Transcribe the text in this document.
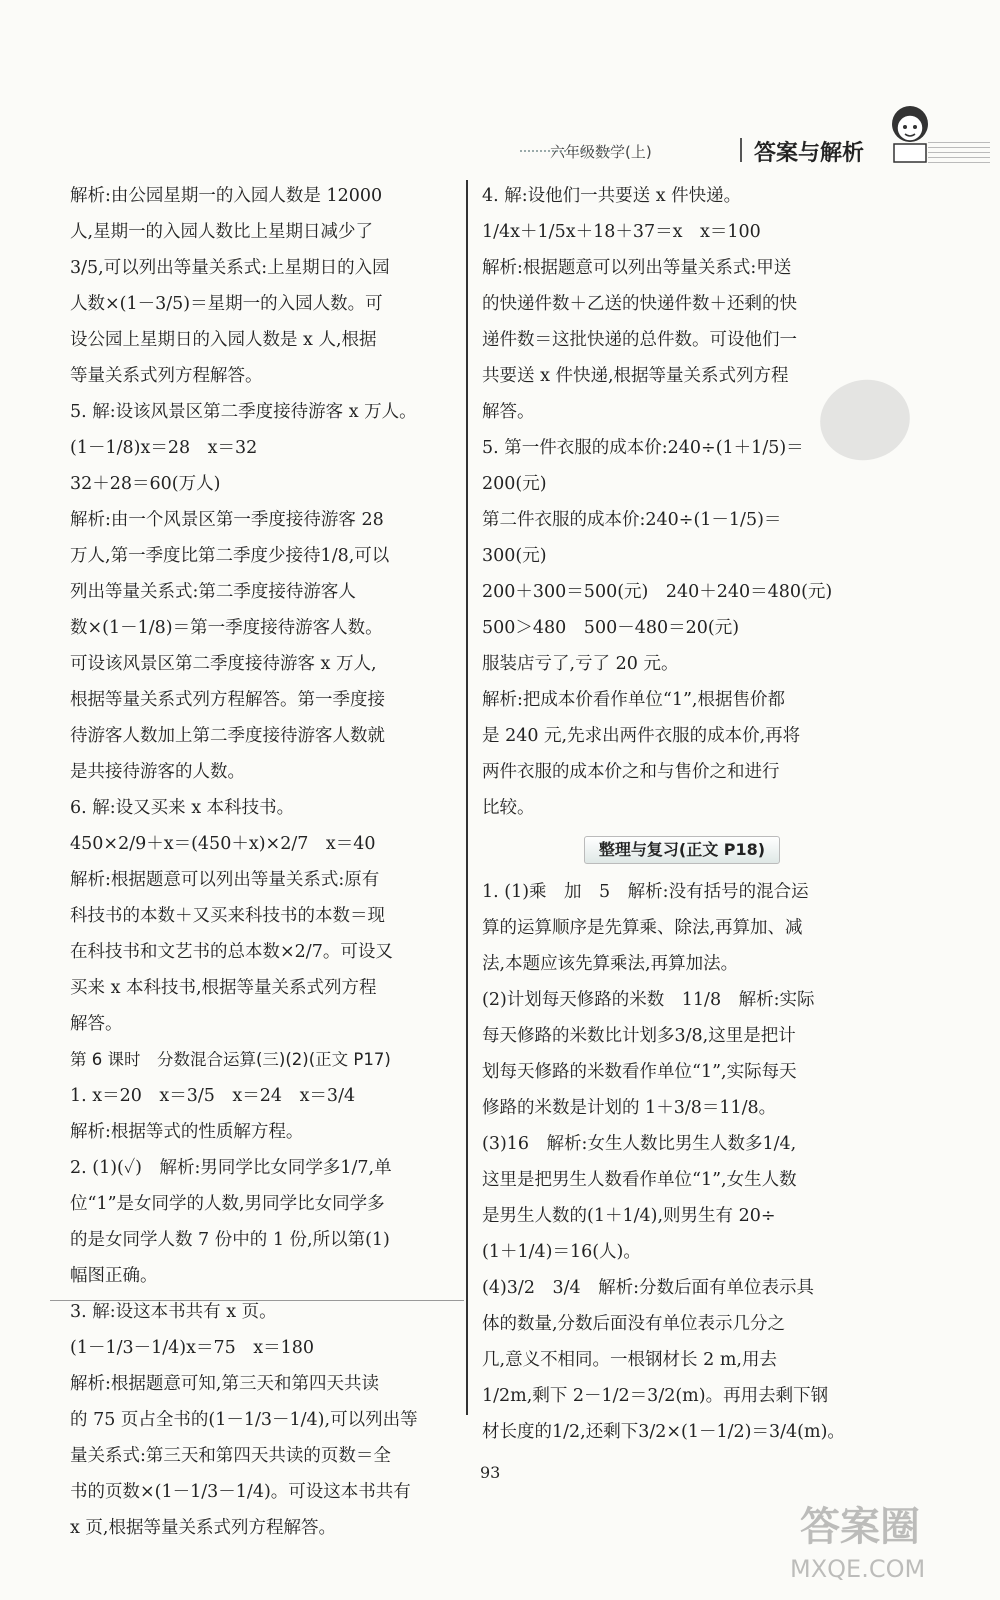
六年级数学(上)	答案与解析
解析:由公园星期一的入园人数是 12000
人,星期一的入园人数比上星期日减少了
3/5,可以列出等量关系式:上星期日的入园
人数×(1－3/5)＝星期一的入园人数。可
设公园上星期日的入园人数是 x 人,根据
等量关系式列方程解答。
5. 解:设该风景区第二季度接待游客 x 万人。
(1－1/8)x＝28　x＝32
32＋28＝60(万人)
解析:由一个风景区第一季度接待游客 28
万人,第一季度比第二季度少接待1/8,可以
列出等量关系式:第二季度接待游客人
数×(1－1/8)＝第一季度接待游客人数。
可设该风景区第二季度接待游客 x 万人,
根据等量关系式列方程解答。第一季度接
待游客人数加上第二季度接待游客人数就
是共接待游客的人数。
6. 解:设又买来 x 本科技书。
450×2/9＋x＝(450＋x)×2/7　x＝40
解析:根据题意可以列出等量关系式:原有
科技书的本数＋又买来科技书的本数＝现
在科技书和文艺书的总本数×2/7。可设又
买来 x 本科技书,根据等量关系式列方程
解答。
第 6 课时　分数混合运算(三)(2)(正文 P17)
1. x＝20　x＝3/5　x＝24　x＝3/4
解析:根据等式的性质解方程。
2. (1)(✓)　解析:男同学比女同学多1/7,单
位“1”是女同学的人数,男同学比女同学多
的是女同学人数 7 份中的 1 份,所以第(1)
幅图正确。
3. 解:设这本书共有 x 页。
(1－1/3－1/4)x＝75　x＝180
解析:根据题意可知,第三天和第四天共读
的 75 页占全书的(1－1/3－1/4),可以列出等
量关系式:第三天和第四天共读的页数＝全
书的页数×(1－1/3－1/4)。可设这本书共有
x 页,根据等量关系式列方程解答。
4. 解:设他们一共要送 x 件快递。
1/4x＋1/5x＋18＋37＝x　x＝100
解析:根据题意可以列出等量关系式:甲送
的快递件数＋乙送的快递件数＋还剩的快
递件数＝这批快递的总件数。可设他们一
共要送 x 件快递,根据等量关系式列方程
解答。
5. 第一件衣服的成本价:240÷(1＋1/5)＝
200(元)
第二件衣服的成本价:240÷(1－1/5)＝
300(元)
200＋300＝500(元)　240＋240＝480(元)
500＞480　500－480＝20(元)
服装店亏了,亏了 20 元。
解析:把成本价看作单位“1”,根据售价都
是 240 元,先求出两件衣服的成本价,再将
两件衣服的成本价之和与售价之和进行
比较。
整理与复习(正文 P18)
1. (1)乘　加　5　解析:没有括号的混合运
算的运算顺序是先算乘、除法,再算加、减
法,本题应该先算乘法,再算加法。
(2)计划每天修路的米数　11/8　解析:实际
每天修路的米数比计划多3/8,这里是把计
划每天修路的米数看作单位“1”,实际每天
修路的米数是计划的 1＋3/8＝11/8。
(3)16　解析:女生人数比男生人数多1/4,
这里是把男生人数看作单位“1”,女生人数
是男生人数的(1＋1/4),则男生有 20÷
(1＋1/4)＝16(人)。
(4)3/2　3/4　解析:分数后面有单位表示具
体的数量,分数后面没有单位表示几分之
几,意义不相同。一根钢材长 2 m,用去
1/2m,剩下 2－1/2＝3/2(m)。再用去剩下钢
材长度的1/2,还剩下3/2×(1－1/2)＝3/4(m)。
93
答案圈
MXQE.COM
